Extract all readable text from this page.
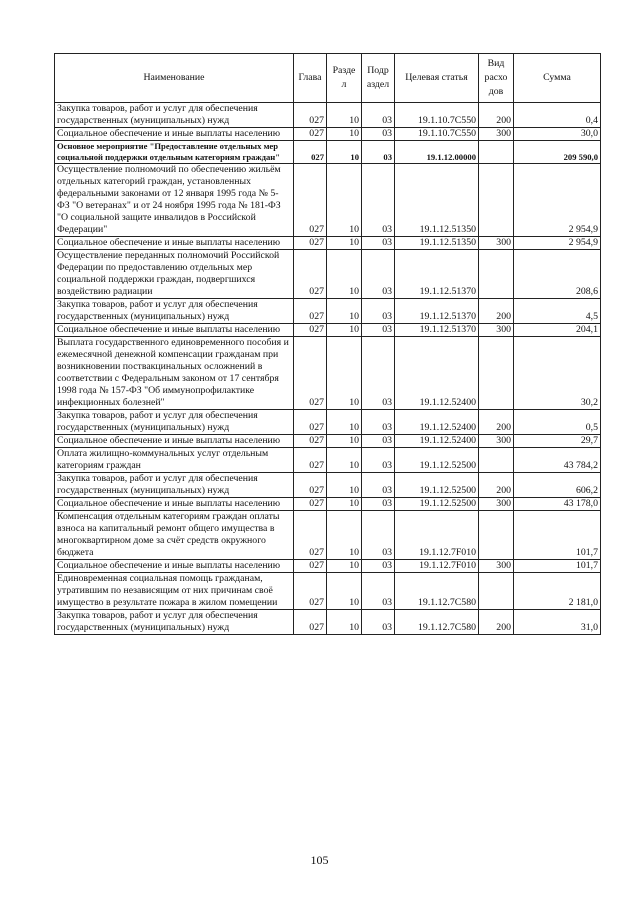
Наименование	Глава	Разде л	Подр аздел	Целевая статья	Вид расхо дов	Сумма
Закупка товаров, работ и услуг для обеспечения государственных (муниципальных) нужд	027	10	03	19.1.10.7С550	200	0,4
Социальное обеспечение и иные выплаты населению	027	10	03	19.1.10.7С550	300	30,0
Основное мероприятие "Предоставление отдельных мер социальной поддержки отдельным категориям граждан"	027	10	03	19.1.12.00000		209 590,0
Осуществление полномочий по обеспечению жильём отдельных категорий граждан, установленных федеральными законами от 12 января 1995 года № 5-ФЗ "О ветеранах" и от 24 ноября 1995 года № 181-ФЗ "О социальной защите инвалидов в Российской Федерации"	027	10	03	19.1.12.51350		2 954,9
Социальное обеспечение и иные выплаты населению	027	10	03	19.1.12.51350	300	2 954,9
Осуществление переданных полномочий Российской Федерации по предоставлению отдельных мер социальной поддержки граждан, подвергшихся воздействию радиации	027	10	03	19.1.12.51370		208,6
Закупка товаров, работ и услуг для обеспечения государственных (муниципальных) нужд	027	10	03	19.1.12.51370	200	4,5
Социальное обеспечение и иные выплаты населению	027	10	03	19.1.12.51370	300	204,1
Выплата государственного единовременного пособия и ежемесячной денежной компенсации гражданам при возникновении поствакцинальных осложнений в соответствии с Федеральным законом от 17 сентября 1998 года № 157-ФЗ "Об иммунопрофилактике инфекционных болезней"	027	10	03	19.1.12.52400		30,2
Закупка товаров, работ и услуг для обеспечения государственных (муниципальных) нужд	027	10	03	19.1.12.52400	200	0,5
Социальное обеспечение и иные выплаты населению	027	10	03	19.1.12.52400	300	29,7
Оплата жилищно-коммунальных услуг отдельным категориям граждан	027	10	03	19.1.12.52500		43 784,2
Закупка товаров, работ и услуг для обеспечения государственных (муниципальных) нужд	027	10	03	19.1.12.52500	200	606,2
Социальное обеспечение и иные выплаты населению	027	10	03	19.1.12.52500	300	43 178,0
Компенсация отдельным категориям граждан оплаты взноса на капитальный ремонт общего имущества в многоквартирном доме за счёт средств окружного бюджета	027	10	03	19.1.12.7F010		101,7
Социальное обеспечение и иные выплаты населению	027	10	03	19.1.12.7F010	300	101,7
Единовременная социальная помощь гражданам, утратившим по независящим от них причинам своё имущество в результате пожара в жилом помещении	027	10	03	19.1.12.7С580		2 181,0
Закупка товаров, работ и услуг для обеспечения государственных (муниципальных) нужд	027	10	03	19.1.12.7С580	200	31,0
105
